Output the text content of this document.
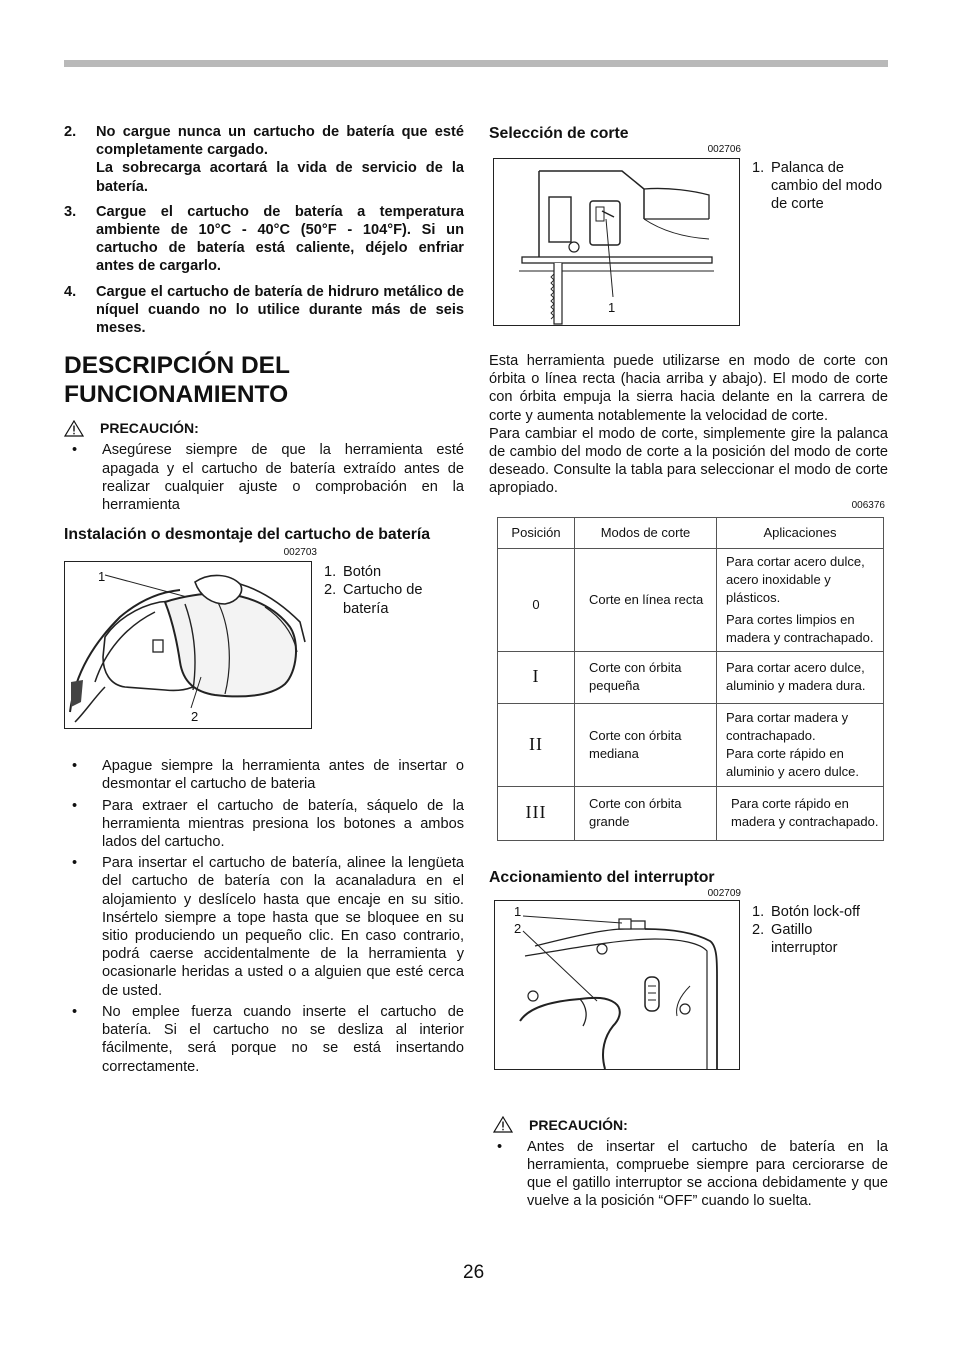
2. No cargue nunca un cartucho de batería que esté completamente cargado.
La sobrecarga acortará la vida de servicio de la batería.
3. Cargue el cartucho de batería a temperatura ambiente de 10°C - 40°C (50°F - 104°F). Si un cartucho de batería está caliente, déjelo enfriar antes de cargarlo.
4. Cargue el cartucho de batería de hidruro metálico de níquel cuando no lo utilice durante más de seis meses.
DESCRIPCIÓN DEL
FUNCIONAMIENTO
PRECAUCIÓN:
• Asegúrese siempre de que la herramienta esté apagada y el cartucho de batería extraído antes de realizar cualquier ajuste o comprobación en la herramienta
Instalación o desmontaje del cartucho de batería
002703
1
2
1. Botón
2. Cartucho de batería
• Apague siempre la herramienta antes de insertar o desmontar el cartucho de bateria
• Para extraer el cartucho de batería, sáquelo de la herramienta mientras presiona los botones a ambos lados del cartucho.
• Para insertar el cartucho de batería, alinee la lengüeta del cartucho de batería con la acanaladura en el alojamiento y deslícelo hasta que encaje en su sitio. Insértelo siempre a tope hasta que se bloquee en su sitio produciendo un pequeño clic. En caso contrario, podrá caerse accidentalmente de la herramienta y ocasionarle heridas a usted o a alguien que esté cerca de usted.
• No emplee fuerza cuando inserte el cartucho de batería. Si el cartucho no se desliza al interior fácilmente, será porque no se está insertando correctamente.
Selección de corte
002706
1
1. Palanca de cambio del modo de corte

Esta herramienta puede utilizarse en modo de corte con órbita o línea recta (hacia arriba y abajo). El modo de corte con órbita empuja la sierra hacia delante en la carrera de corte y aumenta notablemente la velocidad de corte.

Para cambiar el modo de corte, simplemente gire la palanca de cambio del modo de corte a la posición del modo de corte deseado. Consulte la tabla para seleccionar el modo de corte apropiado.

006376
Posición	Modos de corte	Aplicaciones
0	Corte en línea recta	Para cortar acero dulce, acero inoxidable y plásticos.
Para cortes limpios en madera y contrachapado.

I	Corte con órbita pequeña	Para cortar acero dulce, aluminio y madera dura.

II	Corte con órbita mediana	Para cortar madera y contrachapado.
Para corte rápido en aluminio y acero dulce.

III	Corte con órbita grande	Para corte rápido en madera y contrachapado.
Accionamiento del interruptor
002709
1
2
1. Botón lock-off
2. Gatillo interruptor
PRECAUCIÓN:
• Antes de insertar el cartucho de batería en la herramienta, compruebe siempre para cerciorarse de que el gatillo interruptor se acciona debidamente y que vuelve a la posición “OFF” cuando lo suelta.
26
